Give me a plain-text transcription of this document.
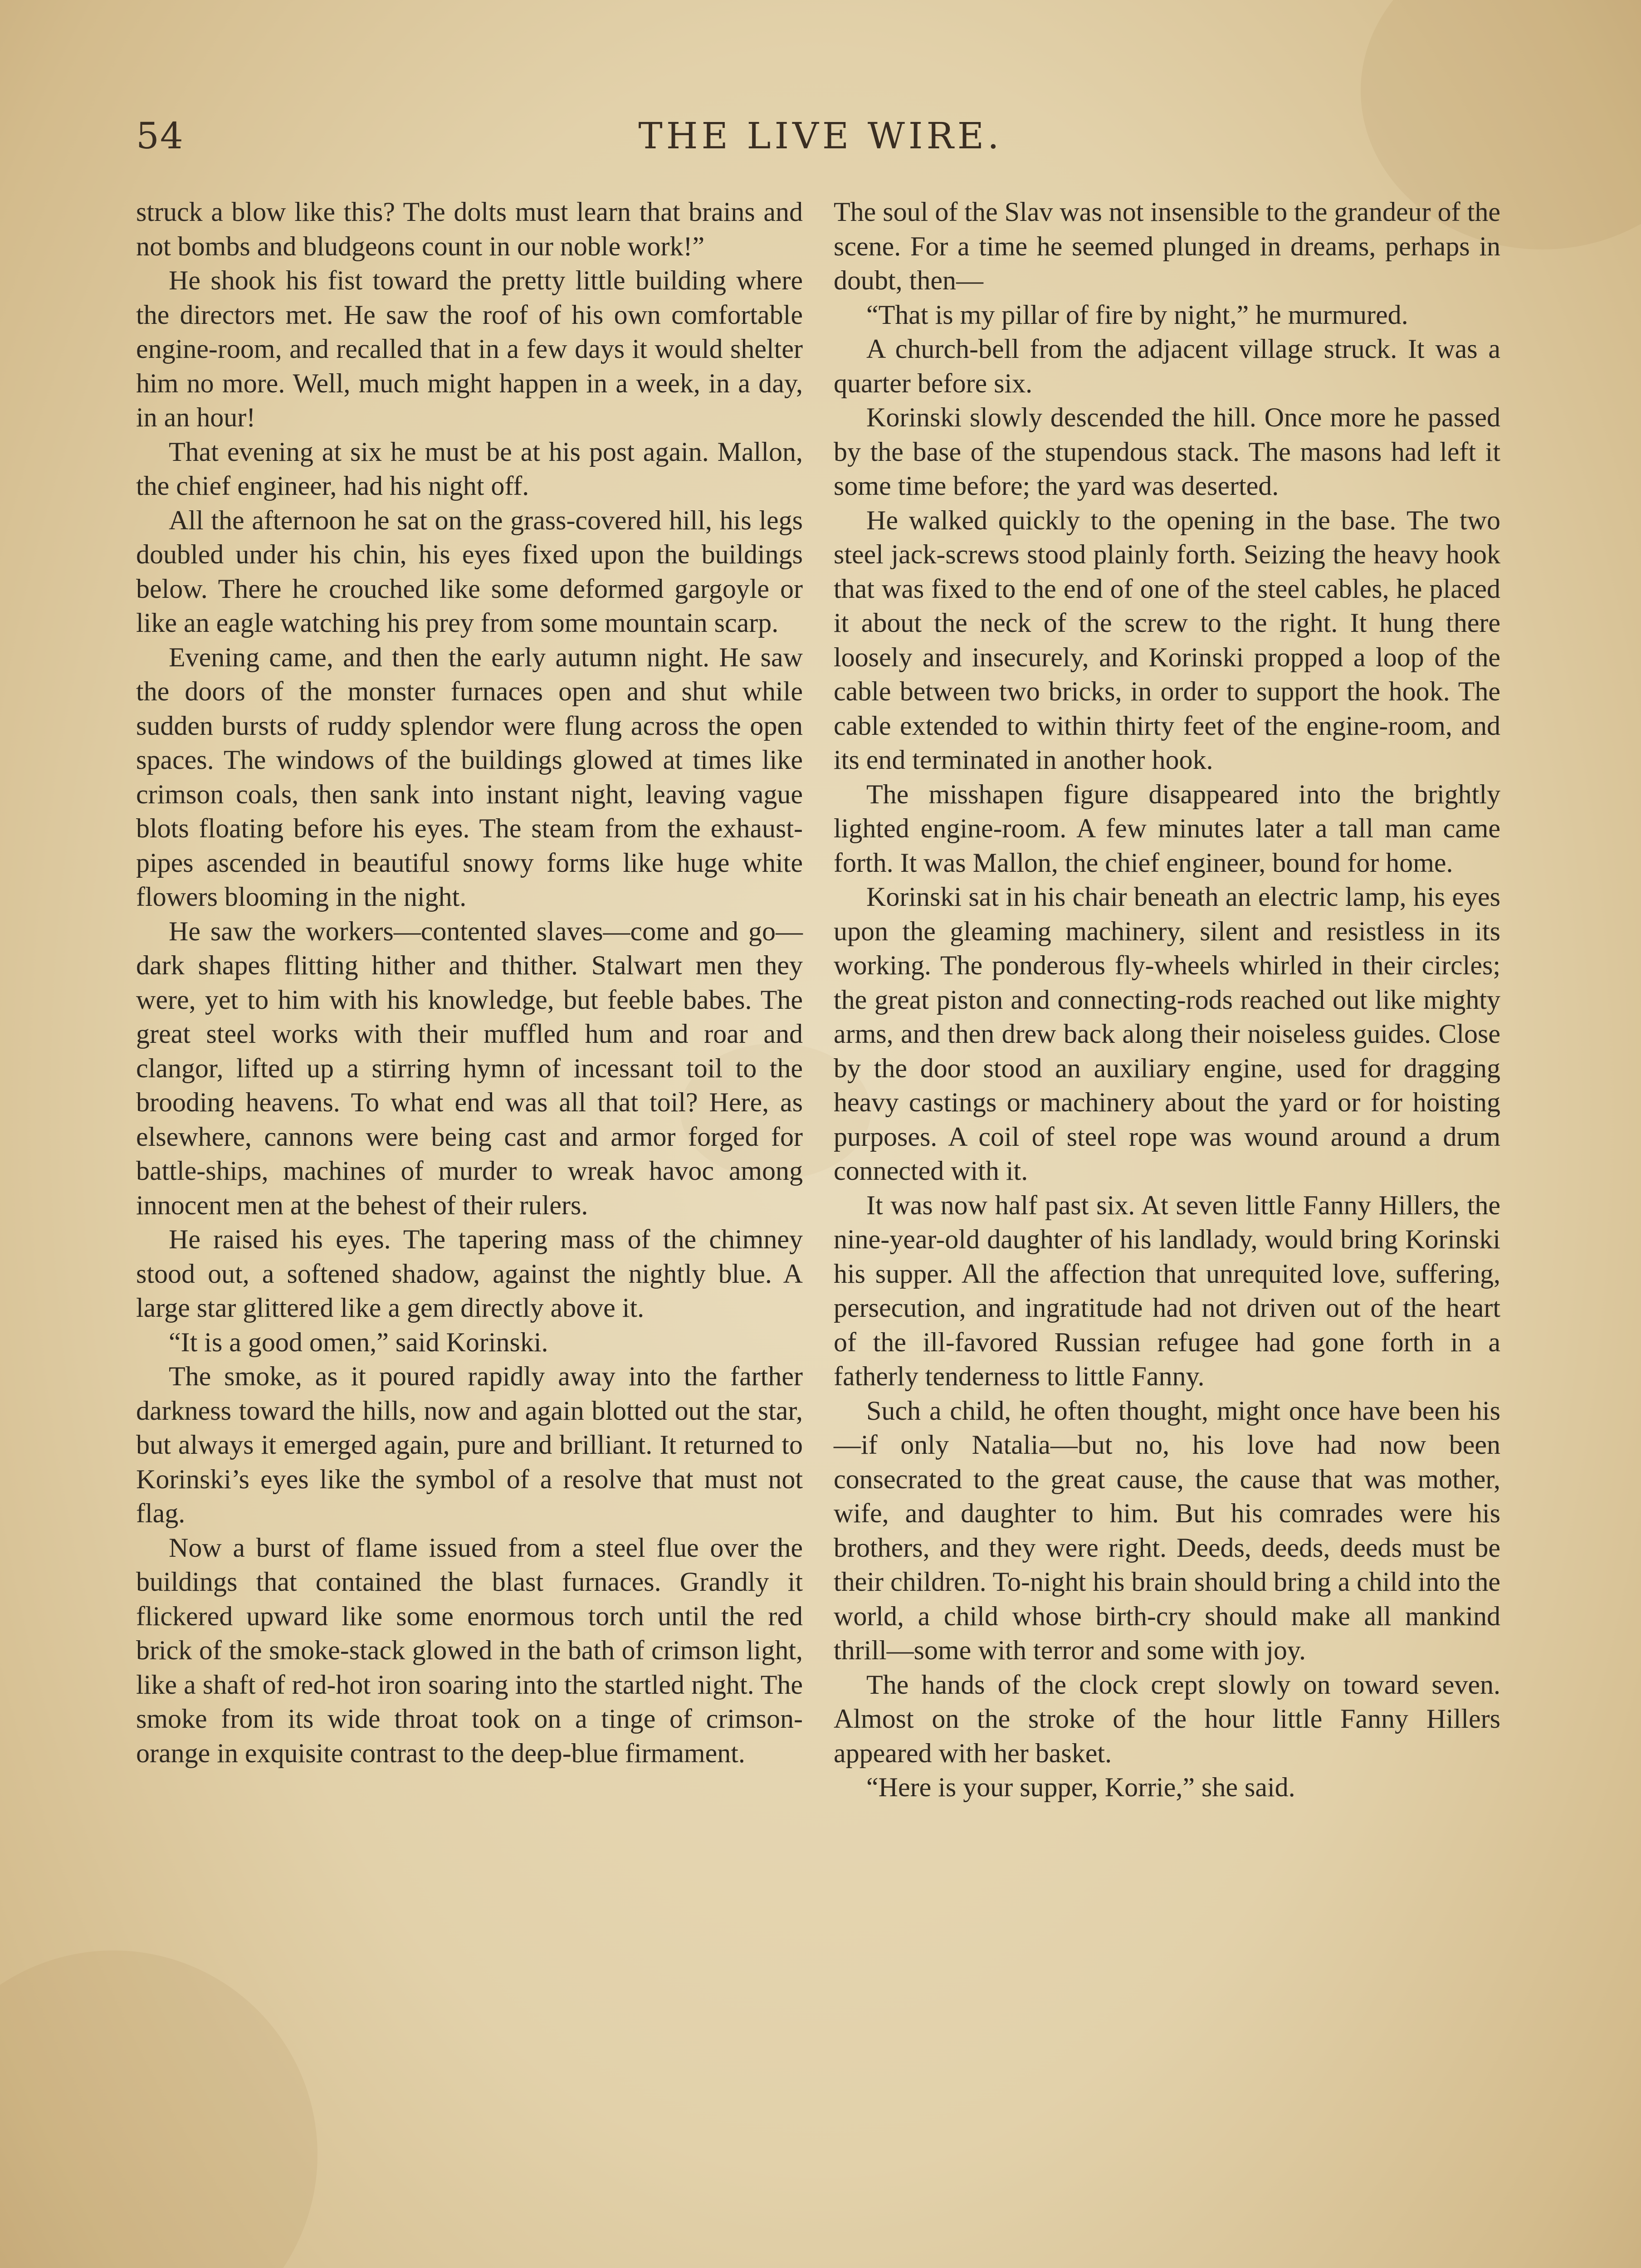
54	THE LIVE WIRE.

struck a blow like this? The dolts must learn that brains and not bombs and bludgeons count in our noble work!”

He shook his fist toward the pretty little building where the directors met. He saw the roof of his own comfortable engine-room, and recalled that in a few days it would shelter him no more. Well, much might happen in a week, in a day, in an hour!

That evening at six he must be at his post again. Mallon, the chief engineer, had his night off.

All the afternoon he sat on the grass-covered hill, his legs doubled under his chin, his eyes fixed upon the buildings below. There he crouched like some deformed gargoyle or like an eagle watching his prey from some mountain scarp.

Evening came, and then the early autumn night. He saw the doors of the monster furnaces open and shut while sudden bursts of ruddy splendor were flung across the open spaces. The windows of the buildings glowed at times like crimson coals, then sank into instant night, leaving vague blots floating before his eyes. The steam from the exhaust-pipes ascended in beautiful snowy forms like huge white flowers blooming in the night.

He saw the workers—contented slaves—come and go—dark shapes flitting hither and thither. Stalwart men they were, yet to him with his knowledge, but feeble babes. The great steel works with their muffled hum and roar and clangor, lifted up a stirring hymn of incessant toil to the brooding heavens. To what end was all that toil? Here, as elsewhere, cannons were being cast and armor forged for battle-ships, machines of murder to wreak havoc among innocent men at the behest of their rulers.

He raised his eyes. The tapering mass of the chimney stood out, a softened shadow, against the nightly blue. A large star glittered like a gem directly above it.

“It is a good omen,” said Korinski.

The smoke, as it poured rapidly away into the farther darkness toward the hills, now and again blotted out the star, but always it emerged again, pure and brilliant. It returned to Korinski’s eyes like the symbol of a resolve that must not flag.

Now a burst of flame issued from a steel flue over the buildings that contained the blast furnaces. Grandly it flickered upward like some enormous torch until the red brick of the smoke-stack glowed in the bath of crimson light, like a shaft of red-hot iron soaring into the startled night. The smoke from its wide throat took on a tinge of crimson-orange in exquisite contrast to the deep-blue firmament.

The soul of the Slav was not insensible to the grandeur of the scene. For a time he seemed plunged in dreams, perhaps in doubt, then—

“That is my pillar of fire by night,” he murmured.

A church-bell from the adjacent village struck. It was a quarter before six.

Korinski slowly descended the hill. Once more he passed by the base of the stupendous stack. The masons had left it some time before; the yard was deserted.

He walked quickly to the opening in the base. The two steel jack-screws stood plainly forth. Seizing the heavy hook that was fixed to the end of one of the steel cables, he placed it about the neck of the screw to the right. It hung there loosely and insecurely, and Korinski propped a loop of the cable between two bricks, in order to support the hook. The cable extended to within thirty feet of the engine-room, and its end terminated in another hook.

The misshapen figure disappeared into the brightly lighted engine-room. A few minutes later a tall man came forth. It was Mallon, the chief engineer, bound for home.

Korinski sat in his chair beneath an electric lamp, his eyes upon the gleaming machinery, silent and resistless in its working. The ponderous fly-wheels whirled in their circles; the great piston and connecting-rods reached out like mighty arms, and then drew back along their noiseless guides. Close by the door stood an auxiliary engine, used for dragging heavy castings or machinery about the yard or for hoisting purposes. A coil of steel rope was wound around a drum connected with it.

It was now half past six. At seven little Fanny Hillers, the nine-year-old daughter of his landlady, would bring Korinski his supper. All the affection that unrequited love, suffering, persecution, and ingratitude had not driven out of the heart of the ill-favored Russian refugee had gone forth in a fatherly tenderness to little Fanny.

Such a child, he often thought, might once have been his—if only Natalia—but no, his love had now been consecrated to the great cause, the cause that was mother, wife, and daughter to him. But his comrades were his brothers, and they were right. Deeds, deeds, deeds must be their children. To-night his brain should bring a child into the world, a child whose birth-cry should make all mankind thrill—some with terror and some with joy.

The hands of the clock crept slowly on toward seven. Almost on the stroke of the hour little Fanny Hillers appeared with her basket.

“Here is your supper, Korrie,” she said.
